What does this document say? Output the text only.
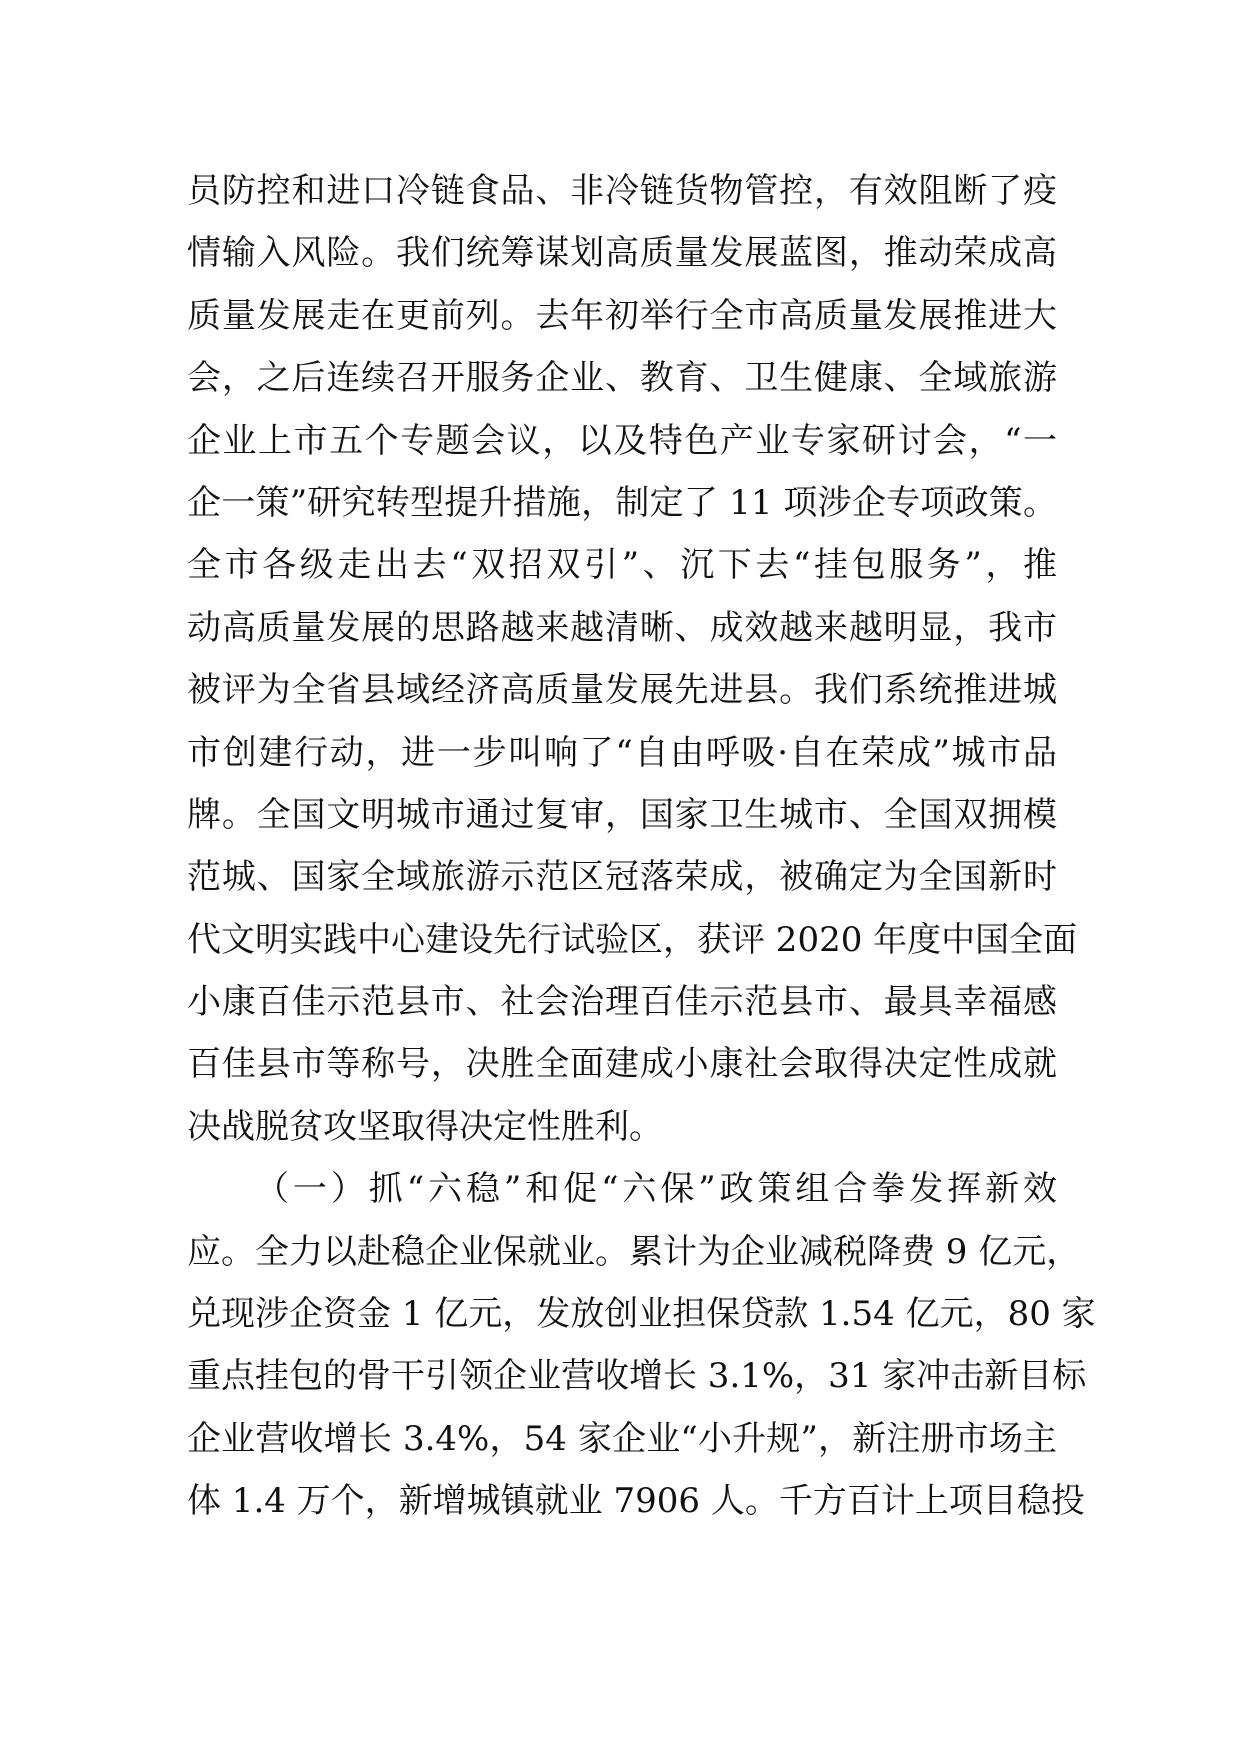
员防控和进口冷链食品、非冷链货物管控，有效阻断了疫
情输入风险。我们统筹谋划高质量发展蓝图，推动荣成高
质量发展走在更前列。去年初举行全市高质量发展推进大
会，之后连续召开服务企业、教育、卫生健康、全域旅游
企业上市五个专题会议，以及特色产业专家研讨会，“一
企一策”研究转型提升措施，制定了 11 项涉企专项政策。
全市各级走出去“双招双引”、沉下去“挂包服务”，推
动高质量发展的思路越来越清晰、成效越来越明显，我市
被评为全省县域经济高质量发展先进县。我们系统推进城
市创建行动，进一步叫响了“自由呼吸·自在荣成”城市品
牌。全国文明城市通过复审，国家卫生城市、全国双拥模
范城、国家全域旅游示范区冠落荣成，被确定为全国新时
代文明实践中心建设先行试验区，获评 2020 年度中国全面
小康百佳示范县市、社会治理百佳示范县市、最具幸福感
百佳县市等称号，决胜全面建成小康社会取得决定性成就
决战脱贫攻坚取得决定性胜利。
（一）抓“六稳”和促“六保”政策组合拳发挥新效
应。全力以赴稳企业保就业。累计为企业减税降费 9 亿元，
兑现涉企资金 1 亿元，发放创业担保贷款 1.54 亿元，80 家
重点挂包的骨干引领企业营收增长 3.1%，31 家冲击新目标
企业营收增长 3.4%，54 家企业“小升规”，新注册市场主
体 1.4 万个，新增城镇就业 7906 人。千方百计上项目稳投
